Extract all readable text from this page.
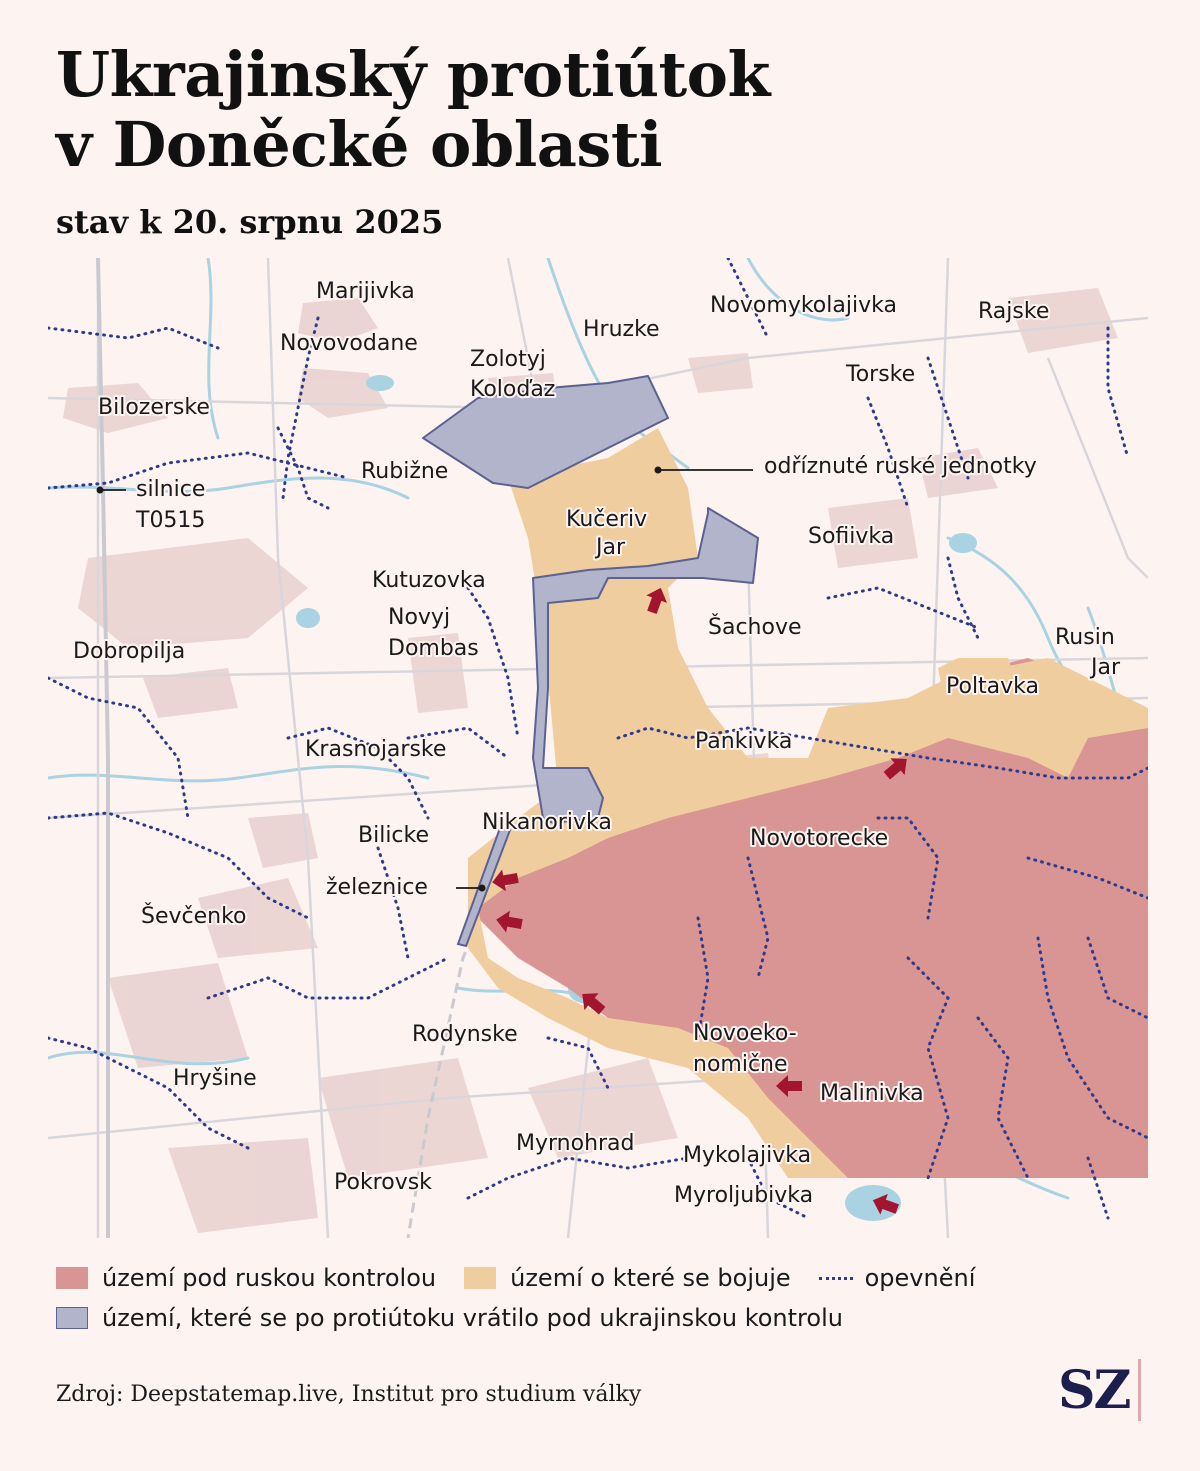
Ukrajinský protiútok
v Doněcké oblasti
stav k 20. srpnu 2025
Marijivka
Novovodane
Hruzke
Novomykolajivka	Rajske
Zolotyj
Koloďaz
Torske
Bilozerske
Rubižne
Kučeriv
Jar	Sofiivka
Kutuzovka
Novyj
Dombas
Šachove	Rusin
Jar
Dobropilja
Poltavka
Pankivka
Krasnojarske
Nikanorivka
Bilicke	Novotorecke
Ševčenko
Rodynske	Novoeko-
nomične
Malinivka
Hryšine
Myrnohrad Mykolajivka
Pokrovsk
Myroljubivka
odříznuté ruské jednotky
silnice
T0515
železnice
území pod ruskou kontrolou	území o které se bojuje	opevnění
území, které se po protiútoku vrátilo pod ukrajinskou kontrolu
Zdroj: Deepstatemap.live, Institut pro studium války	SZ
